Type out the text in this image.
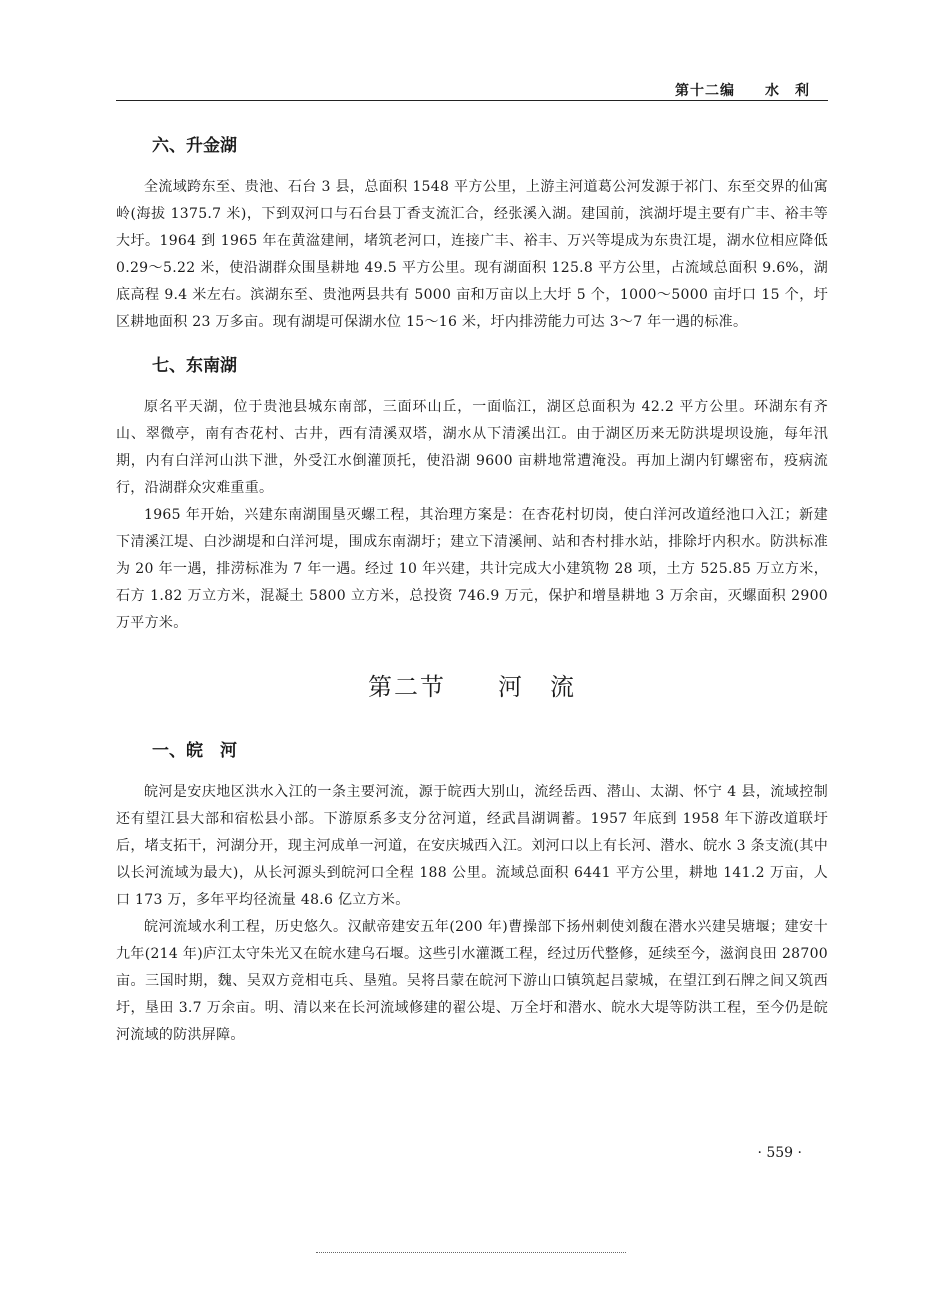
第十二编 水　利
六、升金湖

全流域跨东至、贵池、石台 3 县，总面积 1548 平方公里，上游主河道葛公河发源于祁门、东至交界的仙寓岭(海拔 1375.7 米)，下到双河口与石台县丁香支流汇合，经张溪入湖。建国前，滨湖圩堤主要有广丰、裕丰等大圩。1964 到 1965 年在黄湓建闸，堵筑老河口，连接广丰、裕丰、万兴等堤成为东贵江堤，湖水位相应降低 0.29～5.22 米，使沿湖群众围垦耕地 49.5 平方公里。现有湖面积 125.8 平方公里，占流域总面积 9.6%，湖底高程 9.4 米左右。滨湖东至、贵池两县共有 5000 亩和万亩以上大圩 5 个，1000～5000 亩圩口 15 个，圩区耕地面积 23 万多亩。现有湖堤可保湖水位 15～16 米，圩内排涝能力可达 3～7 年一遇的标准。

七、东南湖

原名平天湖，位于贵池县城东南部，三面环山丘，一面临江，湖区总面积为 42.2 平方公里。环湖东有齐山、翠微亭，南有杏花村、古井，西有清溪双塔，湖水从下清溪出江。由于湖区历来无防洪堤坝设施，每年汛期，内有白洋河山洪下泄，外受江水倒灌顶托，使沿湖 9600 亩耕地常遭淹没。再加上湖内钉螺密布，疫病流行，沿湖群众灾难重重。

1965 年开始，兴建东南湖围垦灭螺工程，其治理方案是：在杏花村切岗，使白洋河改道经池口入江；新建下清溪江堤、白沙湖堤和白洋河堤，围成东南湖圩；建立下清溪闸、站和杏村排水站，排除圩内积水。防洪标准为 20 年一遇，排涝标准为 7 年一遇。经过 10 年兴建，共计完成大小建筑物 28 项，土方 525.85 万立方米，石方 1.82 万立方米，混凝土 5800 立方米，总投资 746.9 万元，保护和增垦耕地 3 万余亩，灭螺面积 2900 万平方米。

第二节 河　流
一、皖　河

皖河是安庆地区洪水入江的一条主要河流，源于皖西大别山，流经岳西、潜山、太湖、怀宁 4 县，流域控制还有望江县大部和宿松县小部。下游原系多支分岔河道，经武昌湖调蓄。1957 年底到 1958 年下游改道联圩后，堵支拓干，河湖分开，现主河成单一河道，在安庆城西入江。刘河口以上有长河、潜水、皖水 3 条支流(其中以长河流域为最大)，从长河源头到皖河口全程 188 公里。流域总面积 6441 平方公里，耕地 141.2 万亩，人口 173 万，多年平均径流量 48.6 亿立方米。

皖河流域水利工程，历史悠久。汉献帝建安五年(200 年)曹操部下扬州刺使刘馥在潜水兴建吴塘堰；建安十九年(214 年)庐江太守朱光又在皖水建乌石堰。这些引水灌溉工程，经过历代整修，延续至今，滋润良田 28700 亩。三国时期，魏、吴双方竞相屯兵、垦殖。吴将吕蒙在皖河下游山口镇筑起吕蒙城，在望江到石牌之间又筑西圩，垦田 3.7 万余亩。明、清以来在长河流域修建的翟公堤、万全圩和潜水、皖水大堤等防洪工程，至今仍是皖河流域的防洪屏障。

· 559 ·
